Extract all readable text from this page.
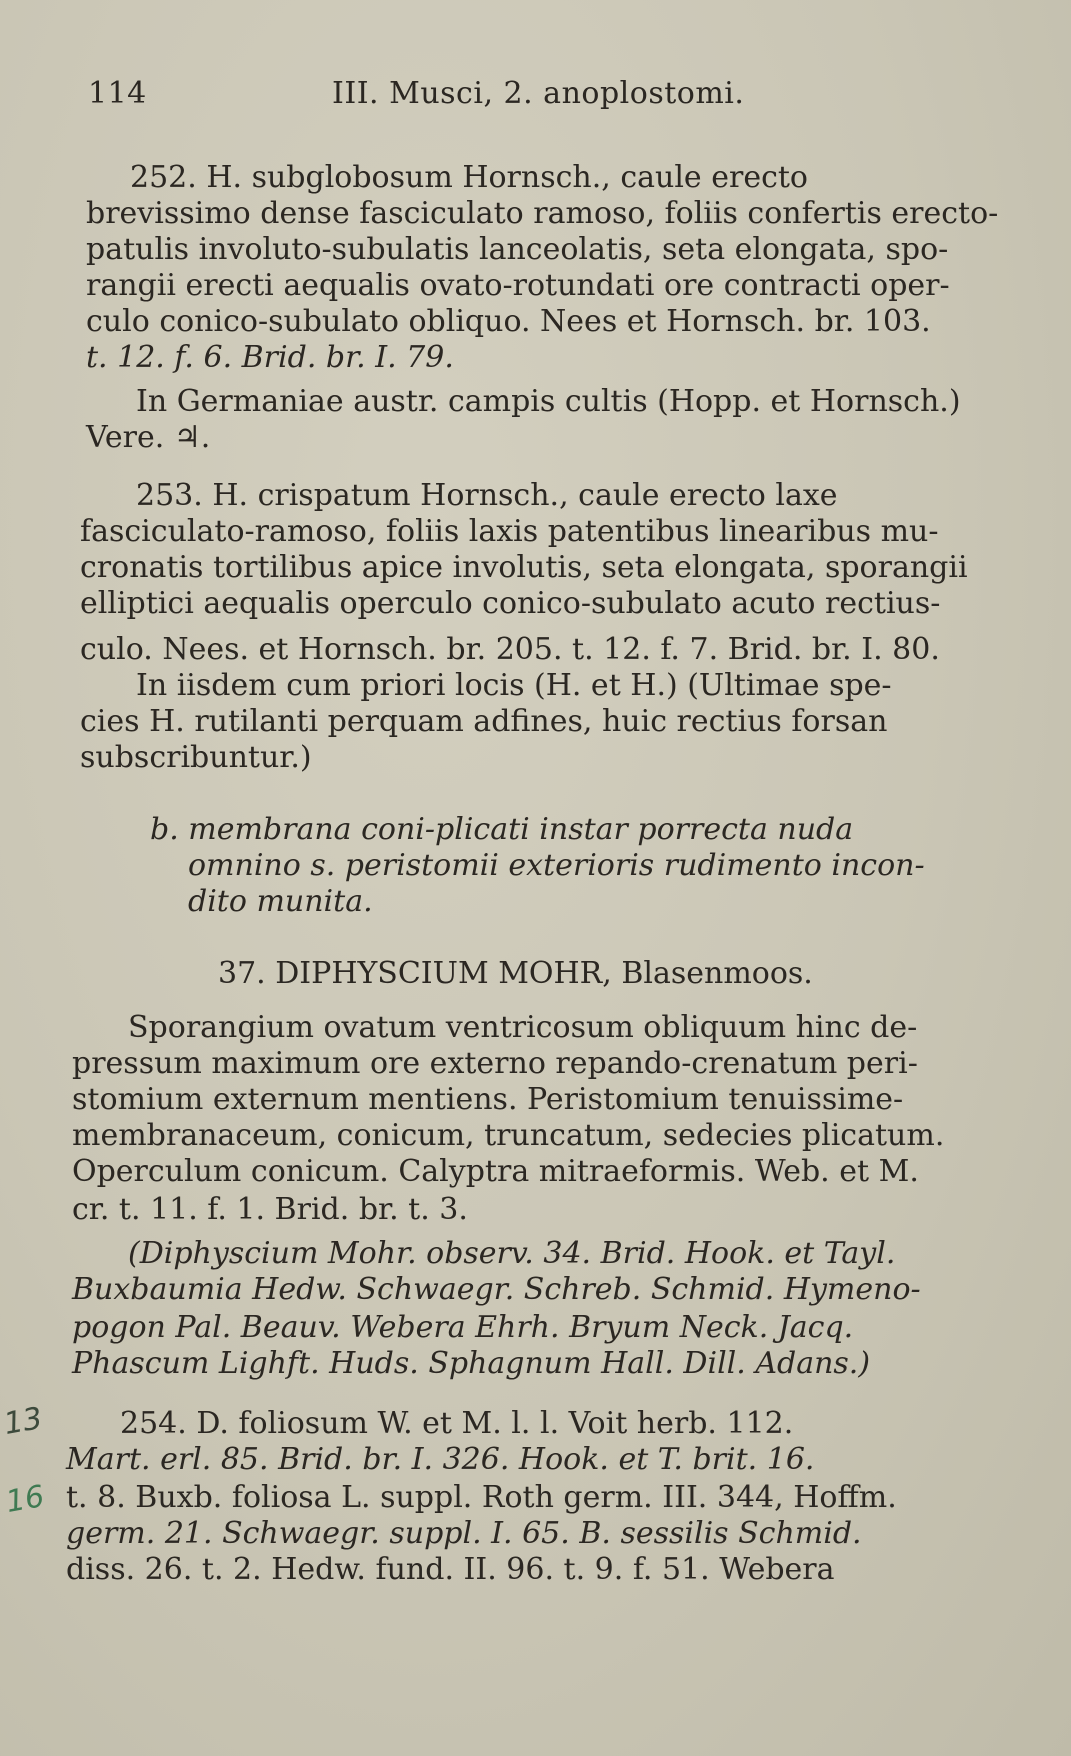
114	III. Musci, 2. anoplostomi.
252. H. subglobosum Hornsch., caule erecto
brevissimo dense fasciculato ramoso, foliis confertis erecto-
patulis involuto-subulatis lanceolatis, seta elongata, spo-
rangii erecti aequalis ovato-rotundati ore contracti oper-
culo conico-subulato obliquo. Nees et Hornsch. br. 103.
t. 12. f. 6. Brid. br. I. 79.
In Germaniae austr. campis cultis (Hopp. et Hornsch.)
Vere. ♃.
253. H. crispatum Hornsch., caule erecto laxe
fasciculato-ramoso, foliis laxis patentibus linearibus mu-
cronatis tortilibus apice involutis, seta elongata, sporangii
elliptici aequalis operculo conico-subulato acuto rectius-
culo. Nees. et Hornsch. br. 205. t. 12. f. 7. Brid. br. I. 80.
In iisdem cum priori locis (H. et H.) (Ultimae spe-
cies H. rutilanti perquam adfines, huic rectius forsan
subscribuntur.)
b. membrana coni-plicati instar porrecta nuda
omnino s. peristomii exterioris rudimento incon-
dito munita.
37. DIPHYSCIUM MOHR, Blasenmoos.
Sporangium ovatum ventricosum obliquum hinc de-
pressum maximum ore externo repando-crenatum peri-
stomium externum mentiens. Peristomium tenuissime-
membranaceum, conicum, truncatum, sedecies plicatum.
Operculum conicum. Calyptra mitraeformis. Web. et M.
cr. t. 11. f. 1. Brid. br. t. 3.
(Diphyscium Mohr. observ. 34. Brid. Hook. et Tayl.
Buxbaumia Hedw. Schwaegr. Schreb. Schmid. Hymeno-
pogon Pal. Beauv. Webera Ehrh. Bryum Neck. Jacq.
Phascum Lighft. Huds. Sphagnum Hall. Dill. Adans.)
254. D. foliosum W. et M. l. l. Voit herb. 112.
Mart. erl. 85. Brid. br. I. 326. Hook. et T. brit. 16.
t. 8. Buxb. foliosa L. suppl. Roth germ. III. 344, Hoffm.
germ. 21. Schwaegr. suppl. I. 65. B. sessilis Schmid.
diss. 26. t. 2. Hedw. fund. II. 96. t. 9. f. 51. Webera
13
16
